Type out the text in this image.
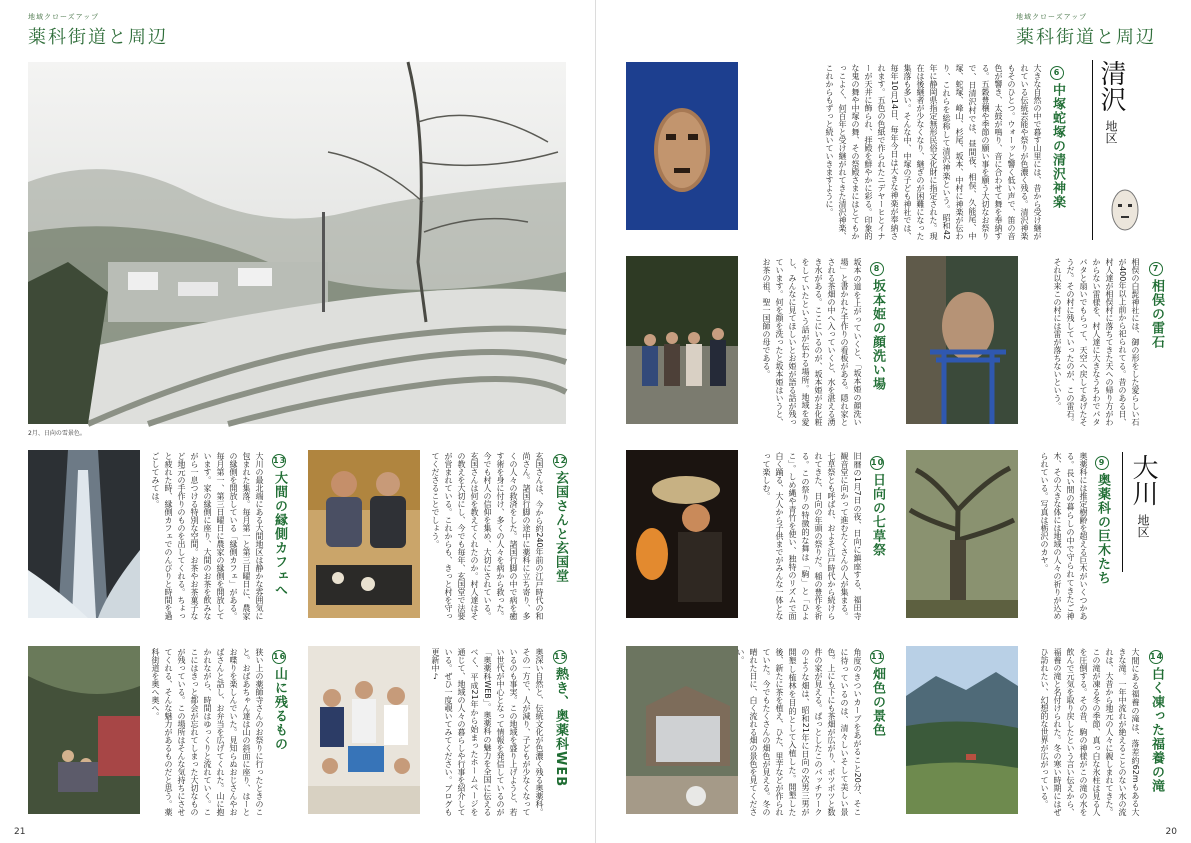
地域クローズアップ
薬科街道と周辺
2月、日向の雪景色。
13大間の縁側カフェへ
大川の最北端にある大間地区は静かな雰囲気に包まれた集落。毎月第一と第三日曜日に、農家の縁側を開放している「縁側カフェ」がある。毎月第一、第三日曜日に農家の縁側を開放しています。家の縁側に座り、大間のお茶を飲みながら一息つける特別な空間。お茶やお茶菓子など地元の手作りのものを出してくれる。ちょっと疲れた時、縁側カフェでのんびりと時間を過ごしてみては。	12玄国さんと玄国堂
玄国さんは、今から約240年前の江戸時代の和尚さん。諸国行脚の途中に薬科に立ち寄り、多くの人々の救済をした。諸国行脚の中で病を癒す術を身に付け、多くの人々を病から救った。今でも村人の信仰を集め、大切にされている。玄国さんは何を教えてくれたのか。村人達はその教えを大切にし、今でも毎年、玄国堂で法要が営まれている。これからも、きっと村を守ってくださることでしょう。
16山に残るもの
狭い上の薬師寺さんのお祭りに行ったときのこと。おばあちゃん達は山の斜面に座り、はーとお喋りを楽しんでいた。見知らぬおじさんやおばさんと話し、お弁当を広げてくれた。山に抱かれながら、時間はゆっくりと流れていく。ここにはきっと都会が忘れてしまった大切なものが残っている。この場所はそんな気持ちにさせてくれる、そんな魅力があるものだと思う。薬科街道を奥へ奥へ。	15熱き、奥薬科WEB
奥深い自然と、伝統文化が色濃く残る奥薬科。その一方で、人が減り、子どもが少なくなっているのも事実。この地域を盛り上げようと、若い世代が中心となって情報を発信しているのが「奥薬科WEB」。奥薬科の魅力を全国に伝えるべく、平成21年から始まったホームページを通じて、地域の人々の暮らしや行事を紹介している。ぜひ一度覗いてみてください。ブログも更新中♪
21
地域クローズアップ
薬科街道と周辺
清沢地区
6中塚蛇塚の清沢神楽
大きな自然の中で暮す山里には、昔から受け継がれている伝統芸能や祭りが色濃く残る。清沢神楽もそのひとつ。ウォーッと響く低い声で、笛の音色が響き、太鼓が鳴り、音に合わせて舞を奉納する。五穀豊穣や季節の願い事を願う大切なお祭りで、日清沢村では、昼間夜、相俣、久能尾、中塚、蛇塚、峰山、杉尾、坂本、中村に神楽が伝わり、これらを総称して清沢神楽という。昭和42年に静岡県指定無形民俗文化財に指定された。現在は後継者が少なくなり、継ぎのが困難になった集落も多い。そんな中、中塚の子ども神社では、毎年10月14日、毎年今日は大きな神楽が奉納されます。五色の色紙で作られたニデヤーヒとイナーが天井に飾られ、拝殿を鮮やかに彩る。印象的な鬼の舞や中塚の舞、その祭殿さまにはとてもかっこよく、何百年と受け継がれてきた清沢神楽、これからもずっと続いていきますように。
8坂本姫の顔洗い場
坂本の道を上がっていくと、「坂本姫の顔洗い場」と書かれた手作りの看板がある。隠れ家とされる茶畑の中へ入っていくと、水を湛える湧き水がある。ここにいるのが、坂本姫がお化粧をしていたという話が伝わる場所。地域を愛し、みんなに見てほしいとお姫が語る話が残っています。何を顔を洗ったと坂本姫はいうと、お茶の祖、聖一国師の母である。	7相俣の雷石
相俣の白髭神社には、御の形をした愛らしい石が400年以上前から祀られてる。昔のある日、村人達が相俣村に落ちてきた天への帰り方がわからない雷様を、村人達に大きなうちわでパタパタと扇いでもらって、天空へ戻してあげたそうだ。その村に残していったのが、この雷石。それ以来この村には雷が落ちないという。
大川地区
10日向の七草祭
旧暦の1月7日の夜、日向に鎮座する、福田寺観音堂に向かって進むたくさんの人が集まる。七草祭とも呼ばれ、およそ江戸時代から続けられてきた、日向の年頭の祭りだ。稲の豊作を祈る。この祭りの特徴的な舞は「駒」と「ひよこ」。しめ縄や青竹を使い、独特のリズムで面白く踊る、大人から子供までがみんな一体となって楽しむ。	9奥薬科の巨木たち
奥薬科には推定樹齢を超える巨木がいくつかある。長い間の暮らしの中で守られてきたご神木、その大きな体には地域の人々の祈りが込められている。写真は栃沢のカヤ。
11畑色の景色
角度のきついカーブをあがること20分、そこに待っているのは、清々しいそして美しい景色。上にも下にも茶畑が広がり、ポツポツと数件の家が見える。ぱっとしたこのパッチワークのような畑は、昭和21年に日向の次男三男が開墾し植林を目的として入植した。開墾した後、新たに茶を植え、ひた、里芋などが作られていた。今でもたくさんの畑色が見える。冬の晴れた日に、白く流れる畑の景色を見てください。	14白く凍った福養の滝
大間にある福養の滝は、落差約62mもある大きな滝。一年中流れが絶えることのない水の流れは、大昔から地元の人々に親しまれてきた。この滝が凍る冬の季節、真っ白な氷柱は見る人を圧倒する。その昔、駒の神様がこの滝の水を飲んで元気を取り戻したという言い伝えから、福養の滝と名付けられた。冬の寒い時期にはぜひ訪れたい、幻想的な世界が広がっている。
20
